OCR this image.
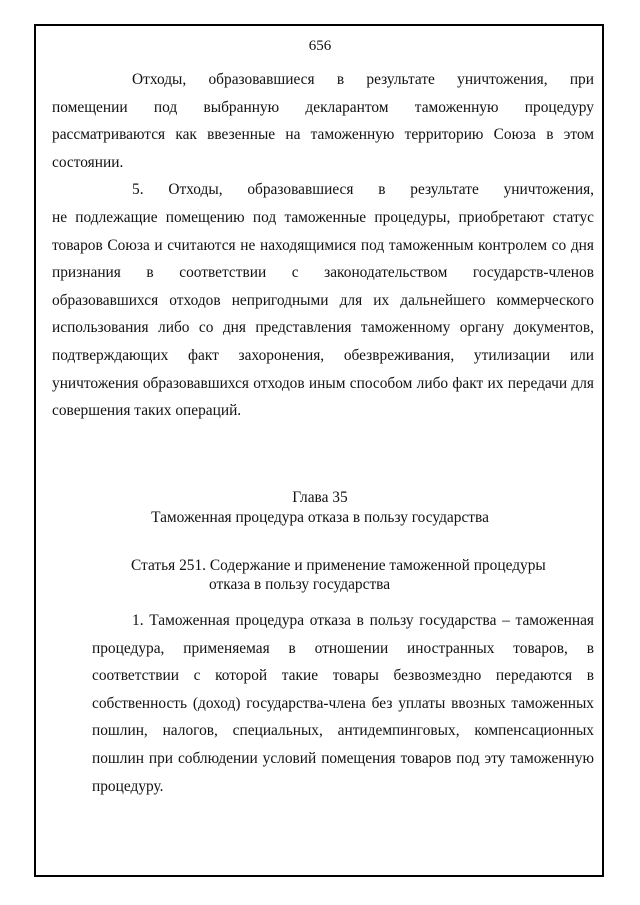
656

Отходы, образовавшиеся в результате уничтожения, при
помещении под выбранную декларантом таможенную процедуру рассматриваются как ввезенные на таможенную территорию Союза в этом состоянии.

5. Отходы, образовавшиеся в результате уничтожения,
не подлежащие помещению под таможенные процедуры, приобретают статус товаров Союза и считаются не находящимися под таможенным контролем со дня признания в соответствии с законодательством государств-членов образовавшихся отходов непригодными для их дальнейшего коммерческого использования либо со дня представления таможенному органу документов, подтверждающих факт захоронения, обезвреживания, утилизации или уничтожения образовавшихся отходов иным способом либо факт их передачи для совершения таких операций.

Глава 35
Таможенная процедура отказа в пользу государства
Статья 251. Содержание и применение таможенной процедуры
отказа в пользу государства

1. Таможенная процедура отказа в пользу государства – таможенная процедура, применяемая в отношении иностранных товаров, в соответствии с которой такие товары безвозмездно передаются в собственность (доход) государства-члена без уплаты ввозных таможенных пошлин, налогов, специальных, антидемпинговых, компенсационных пошлин при соблюдении условий помещения товаров под эту таможенную процедуру.
